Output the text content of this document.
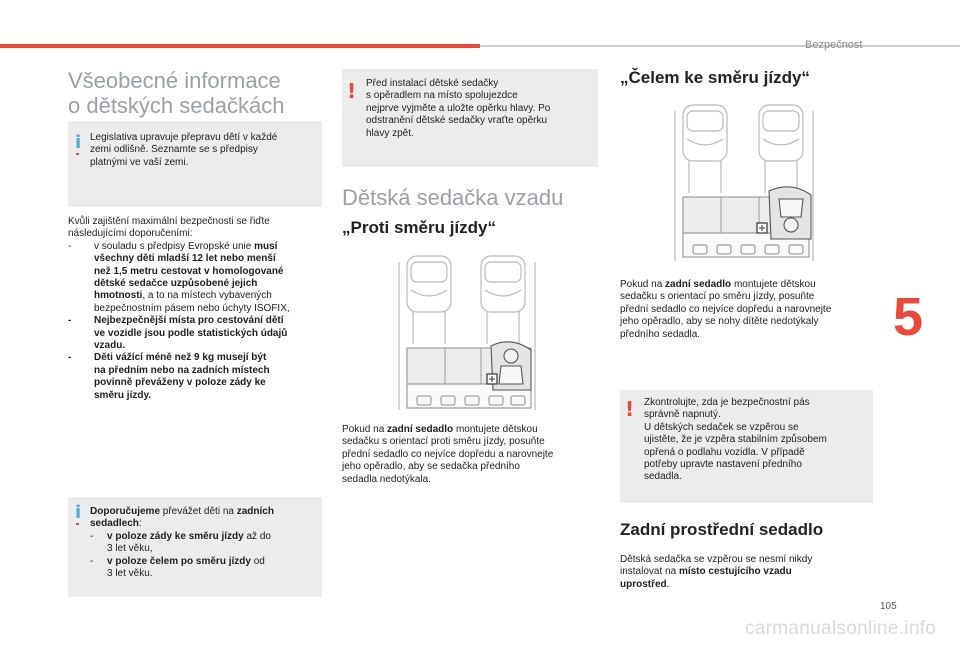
Bezpečnost
5
105
carmanualsonline.info
Všeobecné informace
o dětských sedačkách
i Legislativa upravuje přepravu dětí v každé

zemi odlišně. Seznamte se s předpisy

platnými ve vaší zemi.

Kvůli zajištění maximální bezpečnosti se řiďte

následujícími doporučeními:

- v souladu s předpisy Evropské unie musí

všechny děti mladší 12 let nebo menší

než 1,5 metru cestovat v homologované

dětské sedačce uzpůsobené jejich

hmotnosti, a to na místech vybavených

bezpečnostním pásem nebo úchyty ISOFIX,

- Nejbezpečnější místa pro cestování dětí

ve vozidle jsou podle statistických údajů

vzadu.

- Děti vážící méně než 9 kg musejí být

na předním nebo na zadních místech

povinně převáženy v poloze zády ke

směru jízdy.

i Doporučujeme převážet děti na zadních

sedadlech:

- v poloze zády ke směru jízdy až do

3 let věku,

- v poloze čelem po směru jízdy od

3 let věku.

! Před instalací dětské sedačky

s opěradlem na místo spolujezdce

nejprve vyjměte a uložte opěrku hlavy. Po

odstranění dětské sedačky vraťte opěrku

hlavy zpět.

Dětská sedačka vzadu
„Proti směru jízdy“

Pokud na zadní sedadlo montujete dětskou

sedačku s orientací proti směru jízdy, posuňte

přední sedadlo co nejvíce dopředu a narovnejte

jeho opěradlo, aby se sedačka předního

sedadla nedotýkala.

„Čelem ke směru jízdy“

Pokud na zadní sedadlo montujete dětskou

sedačku s orientací po směru jízdy, posuňte

přední sedadlo co nejvíce dopředu a narovnejte

jeho opěradlo, aby se nohy dítěte nedotýkaly

předního sedadla.

! Zkontrolujte, zda je bezpečnostní pás

správně napnutý.

U dětských sedaček se vzpěrou se

ujistěte, že je vzpěra stabilním způsobem

opřená o podlahu vozidla. V případě

potřeby upravte nastavení předního

sedadla.

Zadní prostřední sedadlo

Dětská sedačka se vzpěrou se nesmí nikdy

instalovat na místo cestujícího vzadu

uprostřed.
